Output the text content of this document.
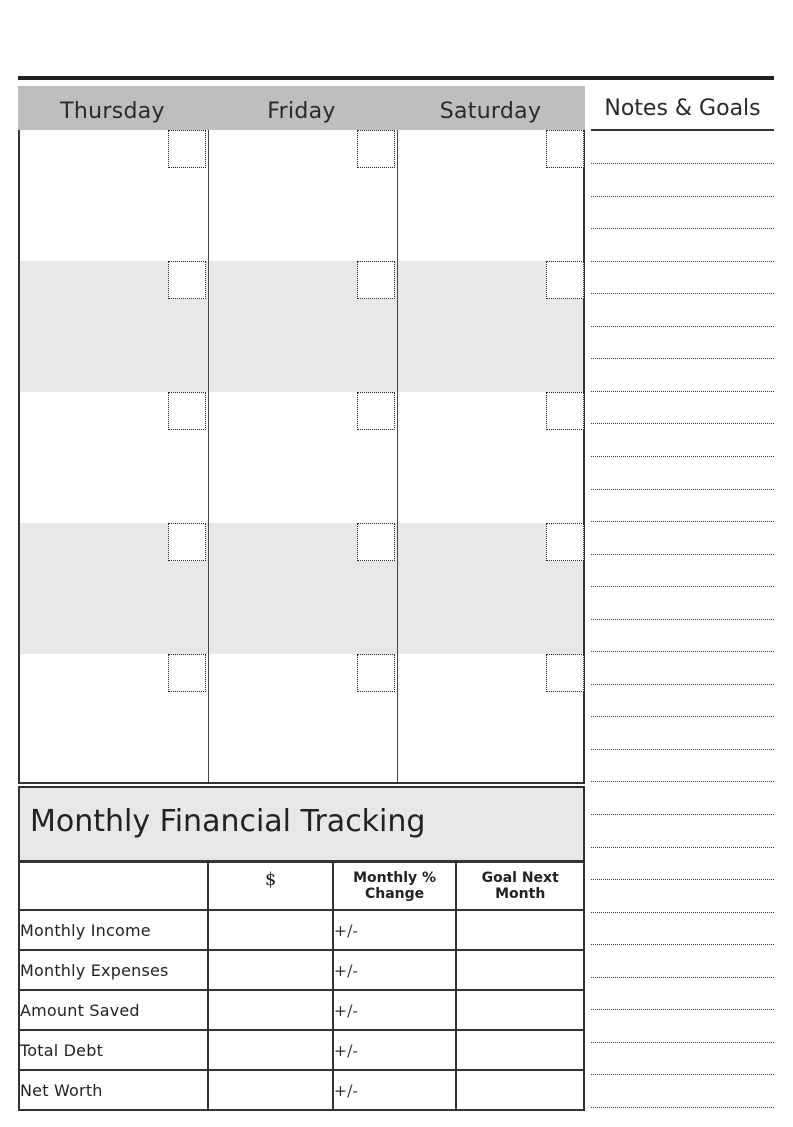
Thursday	Friday	Saturday	Notes & Goals
Monthly Financial Tracking
	$	Monthly % Change	Goal Next Month
Monthly Income		+/-	
Monthly Expenses		+/-	
Amount Saved		+/-	
Total Debt		+/-	
Net Worth		+/-	
